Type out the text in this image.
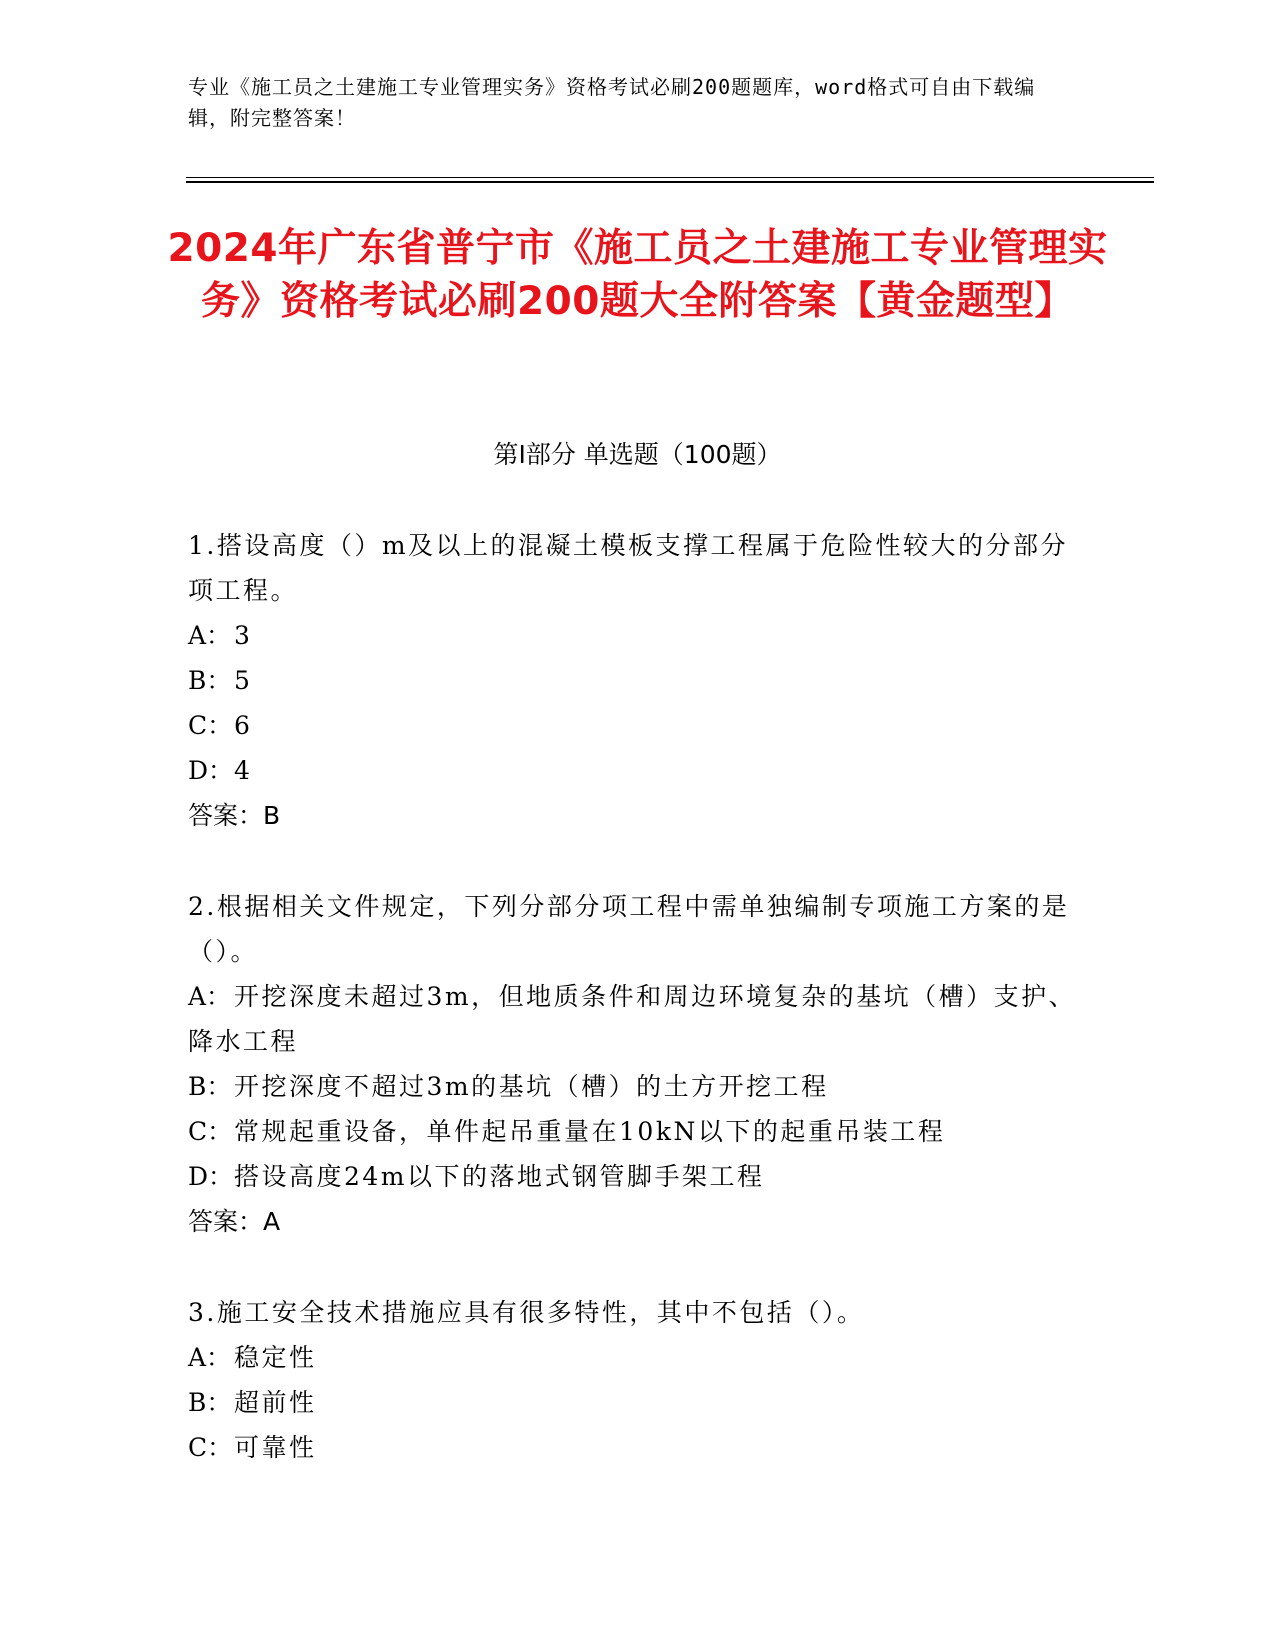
专业《施工员之土建施工专业管理实务》资格考试必刷200题题库，word格式可自由下载编辑，附完整答案！
2024年广东省普宁市《施工员之土建施工专业管理实务》资格考试必刷200题大全附答案【黄金题型】
第I部分 单选题（100题）
1.搭设高度（）m及以上的混凝土模板支撑工程属于危险性较大的分部分项工程。
A： 3
B： 5
C：6
D：4
答案：B
2.根据相关文件规定，下列分部分项工程中需单独编制专项施工方案的是（）。
A： 开挖深度未超过3m，但地质条件和周边环境复杂的基坑（槽）支护、降水工程
B： 开挖深度不超过3m的基坑（槽）的土方开挖工程
C：常规起重设备，单件起吊重量在10kN以下的起重吊装工程
D：搭设高度24m以下的落地式钢管脚手架工程
答案：A
3.施工安全技术措施应具有很多特性，其中不包括（）。
A： 稳定性
B： 超前性
C：可靠性
